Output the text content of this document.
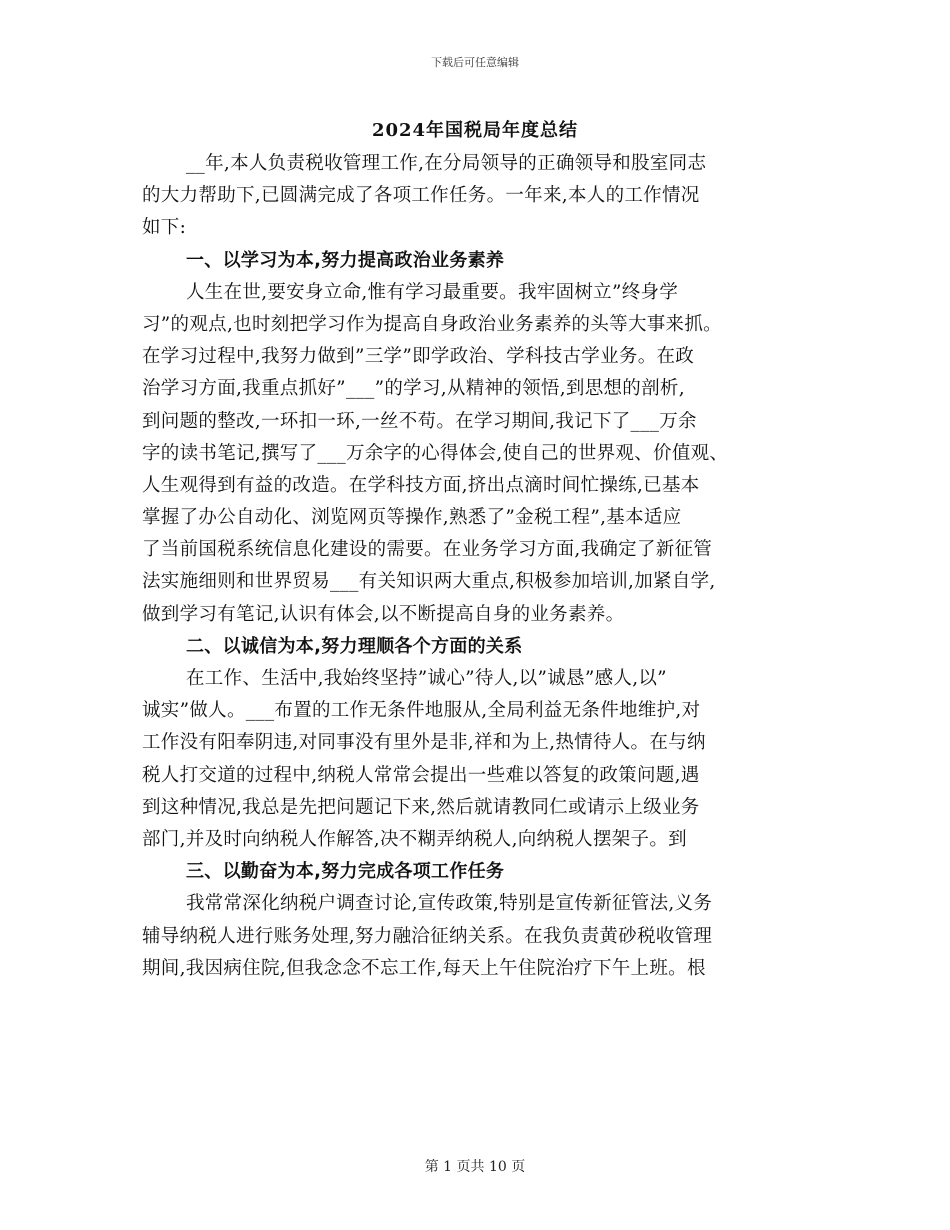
下载后可任意编辑
2024年国税局年度总结
__年,本人负责税收管理工作,在分局领导的正确领导和股室同志
的大力帮助下,已圆满完成了各项工作任务。一年来,本人的工作情况
如下:
一、以学习为本,努力提高政治业务素养
人生在世,要安身立命,惟有学习最重要。我牢固树立”终身学
习”的观点,也时刻把学习作为提高自身政治业务素养的头等大事来抓。
在学习过程中,我努力做到”三学”即学政治、学科技古学业务。在政
治学习方面,我重点抓好”___”的学习,从精神的领悟,到思想的剖析,
到问题的整改,一环扣一环,一丝不苟。在学习期间,我记下了___万余
字的读书笔记,撰写了___万余字的心得体会,使自己的世界观、价值观、
人生观得到有益的改造。在学科技方面,挤出点滴时间忙操练,已基本
掌握了办公自动化、浏览网页等操作,熟悉了”金税工程”,基本适应
了当前国税系统信息化建设的需要。在业务学习方面,我确定了新征管
法实施细则和世界贸易___有关知识两大重点,积极参加培训,加紧自学,
做到学习有笔记,认识有体会,以不断提高自身的业务素养。
二、以诚信为本,努力理顺各个方面的关系
在工作、生活中,我始终坚持”诚心”待人,以”诚恳”感人,以”
诚实”做人。___布置的工作无条件地服从,全局利益无条件地维护,对
工作没有阳奉阴违,对同事没有里外是非,祥和为上,热情待人。在与纳
税人打交道的过程中,纳税人常常会提出一些难以答复的政策问题,遇
到这种情况,我总是先把问题记下来,然后就请教同仁或请示上级业务
部门,并及时向纳税人作解答,决不糊弄纳税人,向纳税人摆架子。到
三、以勤奋为本,努力完成各项工作任务
我常常深化纳税户调查讨论,宣传政策,特别是宣传新征管法,义务
辅导纳税人进行账务处理,努力融洽征纳关系。在我负责黄砂税收管理
期间,我因病住院,但我念念不忘工作,每天上午住院治疗下午上班。根
第 1 页共 10 页
